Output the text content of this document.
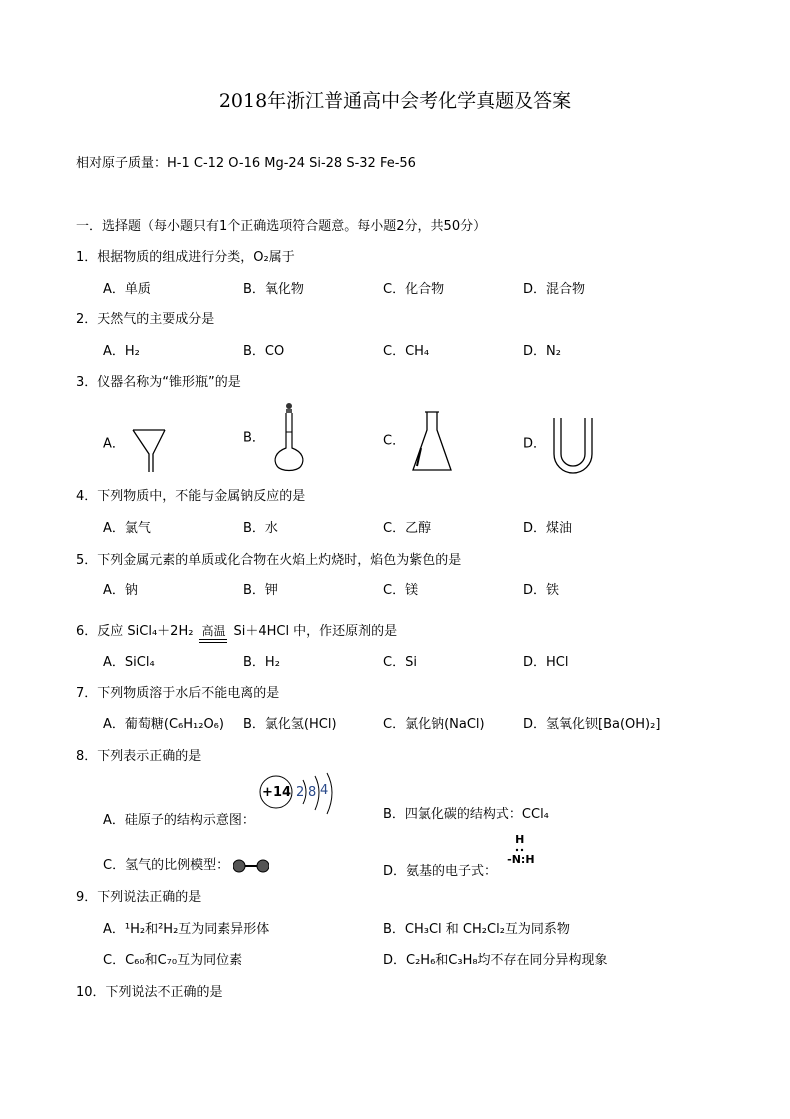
2018年浙江普通高中会考化学真题及答案
相对原子质量：H-1 C-12 O-16 Mg-24 Si-28 S-32 Fe-56
一．选择题（每小题只有1个正确选项符合题意。每小题2分，共50分）
1．根据物质的组成进行分类，O₂属于
A．单质	B．氧化物	C．化合物	D．混合物
2．天然气的主要成分是
A．H₂	B．CO	C．CH₄	D．N₂
3．仪器名称为“锥形瓶”的是
A．	B．	C．	D．
4．下列物质中，不能与金属钠反应的是
A．氯气	B．水	C．乙醇	D．煤油
5．下列金属元素的单质或化合物在火焰上灼烧时，焰色为紫色的是
A．钠	B．钾	C．镁	D．铁
6．反应 SiCl₄＋2H₂ 高温 Si＋4HCl 中，作还原剂的是
A．SiCl₄	B．H₂	C．Si	D．HCl
7．下列物质溶于水后不能电离的是
A．葡萄糖(C₆H₁₂O₆)	B．氯化氢(HCl)	C．氯化钠(NaCl)	D．氢氧化钡[Ba(OH)₂]
8．下列表示正确的是
A．硅原子的结构示意图：
+14 2 8 4
B．四氯化碳的结构式：CCl₄
C．氢气的比例模型：	D．氨基的电子式：
H
-N:H
9．下列说法正确的是
A．¹H₂和²H₂互为同素异形体	B．CH₃Cl 和 CH₂Cl₂互为同系物
C．C₆₀和C₇₀互为同位素	D．C₂H₆和C₃H₈均不存在同分异构现象
10．下列说法不正确的是
